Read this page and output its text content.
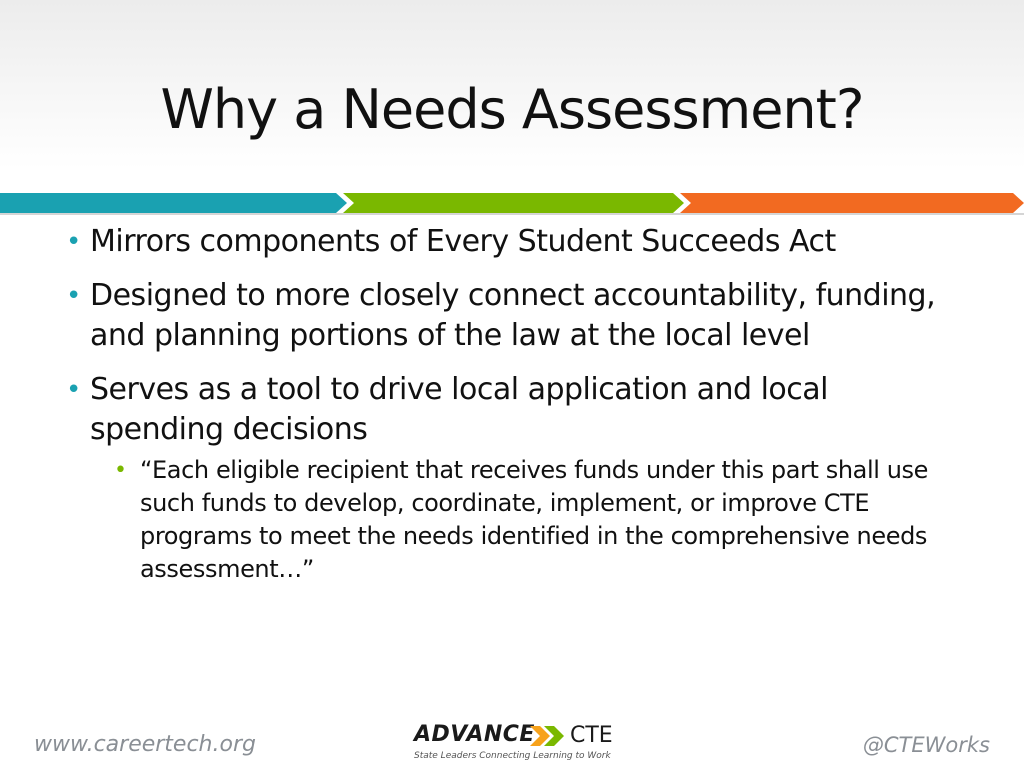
Why a Needs Assessment?
• Mirrors components of Every Student Succeeds Act
• Designed to more closely connect accountability, funding, and planning portions of the law at the local level
• Serves as a tool to drive local application and local spending decisions
• “Each eligible recipient that receives funds under this part shall use such funds to develop, coordinate, implement, or improve CTE programs to meet the needs identified in the comprehensive needs assessment…”
www.careertech.org	ADVANCE CTE
State Leaders Connecting Learning to Work	@CTEWorks
